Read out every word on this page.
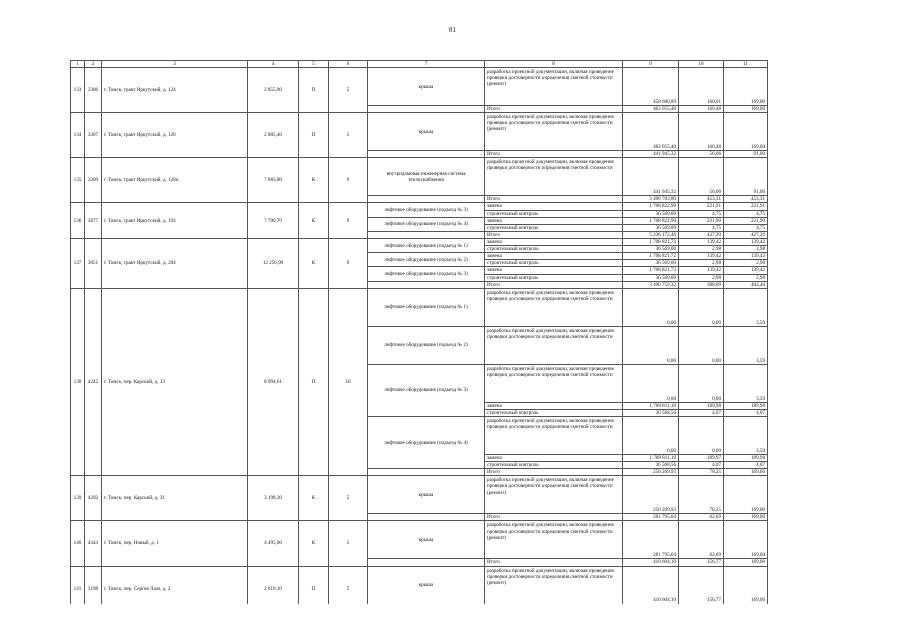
81
1	2	3	4	5	6	7	8	9	10	11
133	3306	г. Томск, тракт Иркутский, д. 124	2 855,90	П	5	крыша	разработка проектной документации, включая проведение проверки достоверности определения сметной стоимости (ремонт)	458 680,89	160,61	169,00
							Итого	463 055,40	160,48	169,00
134	3307	г. Томск, тракт Иркутский, д. 126	2 885,40	П	5	крыша	разработка проектной документации, включая проведение проверки достоверности определения сметной стоимости (ремонт)	463 055,40	160,48	169,00
							Итого	441 945,32	56,06	91,00
135	3309	г. Томск, тракт Иркутский, д. 128а	7 883,80	К	9	внутридомовая инженерная система теплоснабжения	разработка проектной документации, включая проведение проверки достоверности определения сметной стоимости	441 945,32	56,06	91,00
							Итого	3 490 783,80	453,31	453,31
136	3877	г. Томск, тракт Иркутский, д. 194	7 700,70	К	9	лифтовое оборудование (подъезд № 3)	замена	1 708 822,90	221,91	221,91
							строительный контроль	36 569,00	4,75	4,75
						лифтовое оборудование (подъезд № 4)	замена	1 708 822,90	221,90	221,90
							строительный контроль	36 569,00	4,75	4,75
							Итого	5 236 172,46	427,20	427,20
137	3051	г. Томск, тракт Иркутский, д. 204	12 256,90	К	9	лифтовое оборудование (подъезд № 1)	замена	1 708 821,72	139,42	139,42
							строительный контроль	36 569,00	2,98	2,98
						лифтовое оборудование (подъезд № 2)	замена	1 708 821,72	139,42	139,42
							строительный контроль	36 569,00	2,98	2,98
						лифтовое оборудование (подъезд № 3)	замена	1 708 821,72	139,42	139,42
							строительный контроль	36 569,00	2,98	2,98
							Итого	3 490 759,32	388,09	402,46
138	4242	г. Томск, пер. Карский, д. 13	8 994,61	П	10	лифтовое оборудование (подъезд № 1)	разработка проектной документации, включая проведение проверки достоверности определения сметной стоимости	0,00	0,00	3,59
						лифтовое оборудование (подъезд № 2)	разработка проектной документации, включая проведение проверки достоверности определения сметной стоимости	0,00	0,00	3,59
						лифтовое оборудование (подъезд № 3)	разработка проектной документации, включая проведение проверки достоверности определения сметной стоимости	0,00	0,00	3,59
							замена	1 708 811,10	189,98	189,98
							строительный контроль	36 568,56	4,07	4,07
						лифтовое оборудование (подъезд № 4)	разработка проектной документации, включая проведение проверки достоверности определения сметной стоимости	0,00	0,00	3,59
							замена	1 708 811,10	189,97	189,98
							строительный контроль	36 568,56	4,07	4,07
							Итого	250 269,93	78,25	169,00
139	4292	г. Томск, пер. Карский, д. 31	3 198,20	К	5	крыша	разработка проектной документации, включая проведение проверки достоверности определения сметной стоимости (ремонт)	250 269,93	78,25	169,00
							Итого	281 795,64	62,69	169,00
140	4343	г. Томск, пер. Новый, д. 1	4 495,00	К	5	крыша	разработка проектной документации, включая проведение проверки достоверности определения сметной стоимости (ремонт)	281 795,64	62,69	169,00
							Итого	410 604,10	156,77	169,00
141	3198	г. Томск, пер. Сергея Лазо, д. 2	2 619,10	П	5	крыша	разработка проектной документации, включая проведение проверки достоверности определения сметной стоимости (ремонт)	410 604,10	156,77	169,00
